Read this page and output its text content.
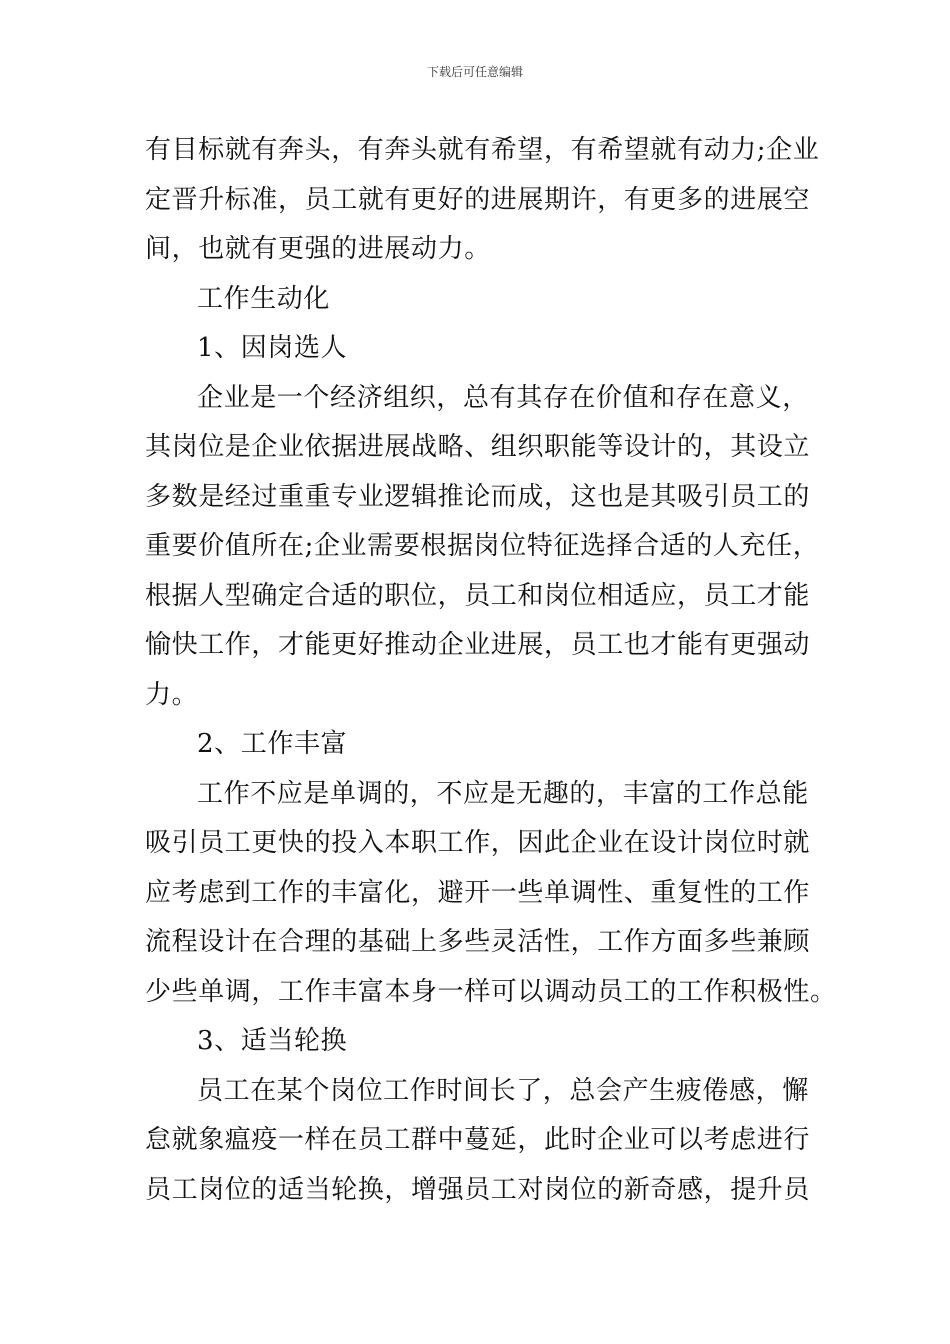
下载后可任意编辑

有目标就有奔头，有奔头就有希望，有希望就有动力;企业
定晋升标准，员工就有更好的进展期许，有更多的进展空
间，也就有更强的进展动力。

工作生动化

1、因岗选人

企业是一个经济组织，总有其存在价值和存在意义，
其岗位是企业依据进展战略、组织职能等设计的，其设立
多数是经过重重专业逻辑推论而成，这也是其吸引员工的
重要价值所在;企业需要根据岗位特征选择合适的人充任，
根据人型确定合适的职位，员工和岗位相适应，员工才能
愉快工作，才能更好推动企业进展，员工也才能有更强动
力。

2、工作丰富

工作不应是单调的，不应是无趣的，丰富的工作总能
吸引员工更快的投入本职工作，因此企业在设计岗位时就
应考虑到工作的丰富化，避开一些单调性、重复性的工作
流程设计在合理的基础上多些灵活性，工作方面多些兼顾
少些单调，工作丰富本身一样可以调动员工的工作积极性。

3、适当轮换

员工在某个岗位工作时间长了，总会产生疲倦感，懈
怠就象瘟疫一样在员工群中蔓延，此时企业可以考虑进行
员工岗位的适当轮换，增强员工对岗位的新奇感，提升员
